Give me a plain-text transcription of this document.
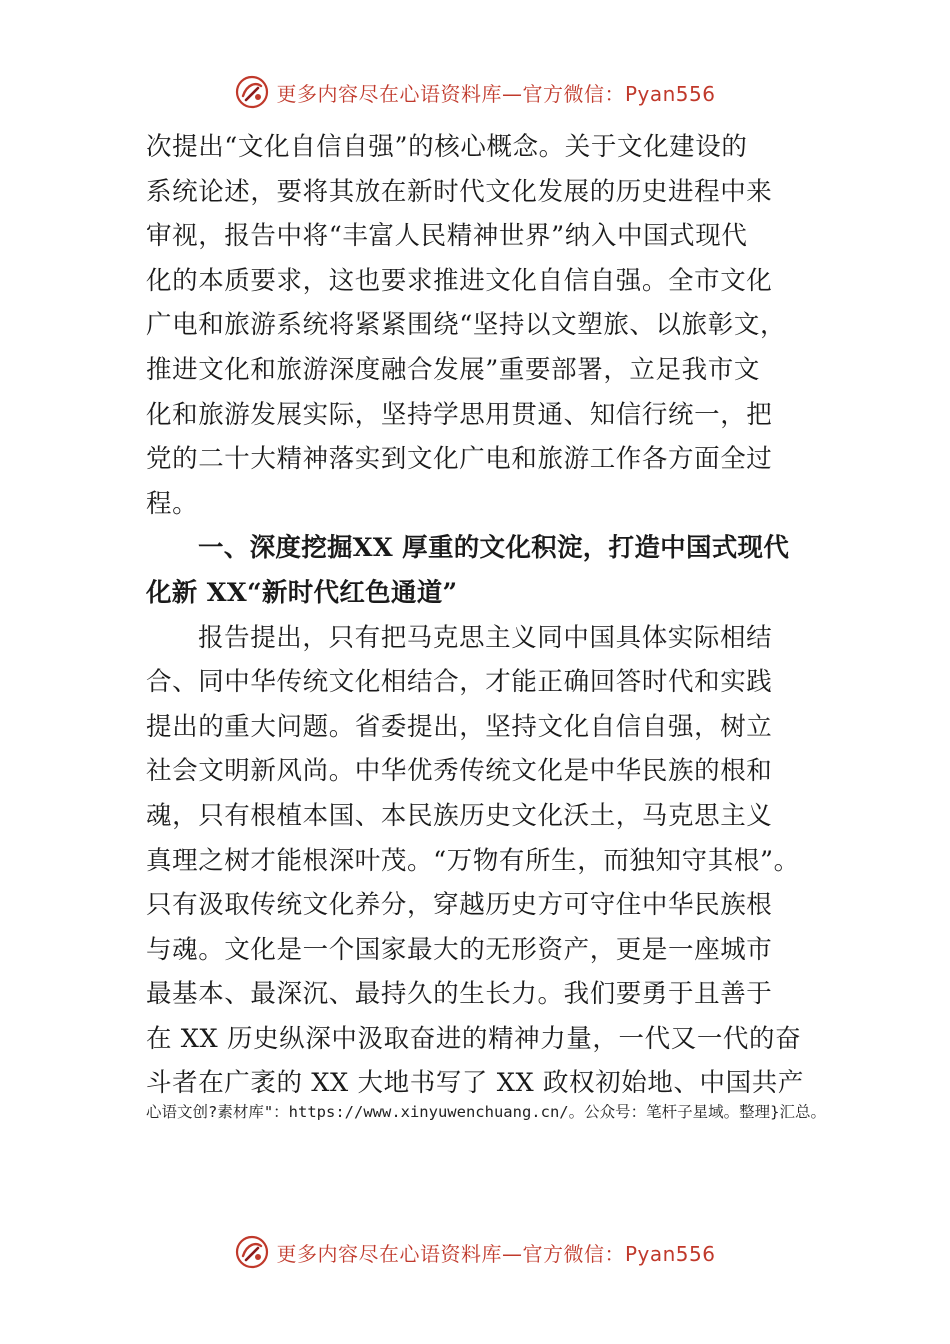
更多内容尽在心语资料库—官方微信：Pyan556
次提出“文化自信自强”的核心概念。关于文化建设的
系统论述，要将其放在新时代文化发展的历史进程中来
审视，报告中将“丰富人民精神世界”纳入中国式现代
化的本质要求，这也要求推进文化自信自强。全市文化
广电和旅游系统将紧紧围绕“坚持以文塑旅、以旅彰文，
推进文化和旅游深度融合发展”重要部署，立足我市文
化和旅游发展实际，坚持学思用贯通、知信行统一，把
党的二十大精神落实到文化广电和旅游工作各方面全过
程。
一、深度挖掘XX 厚重的文化积淀，打造中国式现代
化新 XX“新时代红色通道”
报告提出，只有把马克思主义同中国具体实际相结
合、同中华传统文化相结合，才能正确回答时代和实践
提出的重大问题。省委提出，坚持文化自信自强，树立
社会文明新风尚。中华优秀传统文化是中华民族的根和
魂，只有根植本国、本民族历史文化沃土，马克思主义
真理之树才能根深叶茂。“万物有所生，而独知守其根”。
只有汲取传统文化养分，穿越历史方可守住中华民族根
与魂。文化是一个国家最大的无形资产，更是一座城市
最基本、最深沉、最持久的生长力。我们要勇于且善于
在 XX 历史纵深中汲取奋进的精神力量，一代又一代的奋
斗者在广袤的 XX 大地书写了 XX 政权初始地、中国共产
心语文创?素材库"：https://www.xinyuwenchuang.cn/。公众号：笔杆子星域。整理}汇总。
更多内容尽在心语资料库—官方微信：Pyan556
